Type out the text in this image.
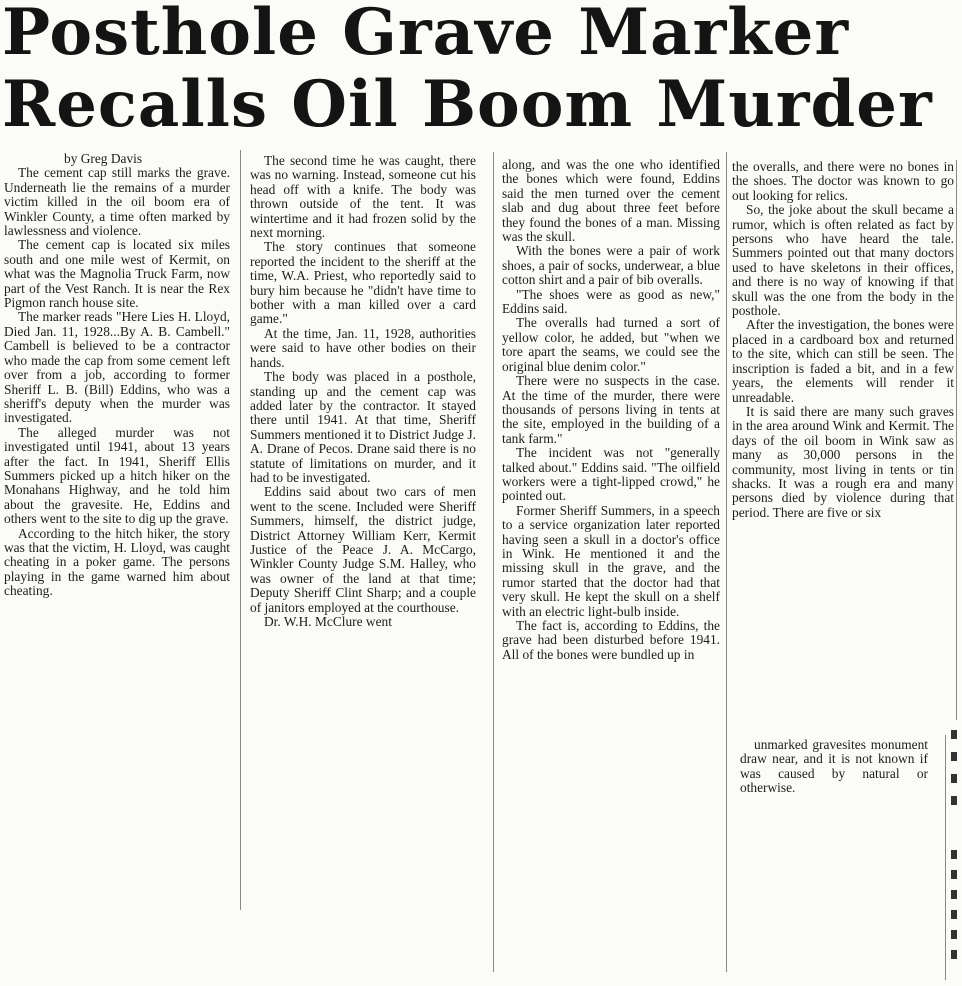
Posthole Grave Marker
Recalls Oil Boom Murder

by Greg Davis

The cement cap still marks the grave. Underneath lie the remains of a murder victim killed in the oil boom era of Winkler County, a time often marked by lawlessness and violence.

The cement cap is located six miles south and one mile west of Kermit, on what was the Magnolia Truck Farm, now part of the Vest Ranch. It is near the Rex Pigmon ranch house site.

The marker reads "Here Lies H. Lloyd, Died Jan. 11, 1928...By A. B. Cambell." Cambell is believed to be a contractor who made the cap from some cement left over from a job, according to former Sheriff L. B. (Bill) Eddins, who was a sheriff's deputy when the murder was investigated.

The alleged murder was not investigated until 1941, about 13 years after the fact. In 1941, Sheriff Ellis Summers picked up a hitch hiker on the Monahans Highway, and he told him about the gravesite. He, Eddins and others went to the site to dig up the grave.

According to the hitch hiker, the story was that the victim, H. Lloyd, was caught cheating in a poker game. The persons playing in the game warned him about cheating.

The second time he was caught, there was no warning. Instead, someone cut his head off with a knife. The body was thrown outside of the tent. It was wintertime and it had frozen solid by the next morning.

The story continues that someone reported the incident to the sheriff at the time, W.A. Priest, who reportedly said to bury him because he "didn't have time to bother with a man killed over a card game."

At the time, Jan. 11, 1928, authorities were said to have other bodies on their hands.

The body was placed in a posthole, standing up and the cement cap was added later by the contractor. It stayed there until 1941. At that time, Sheriff Summers mentioned it to District Judge J. A. Drane of Pecos. Drane said there is no statute of limitations on murder, and it had to be investigated.

Eddins said about two cars of men went to the scene. Included were Sheriff Summers, himself, the district judge, District Attorney William Kerr, Kermit Justice of the Peace J. A. McCargo, Winkler County Judge S.M. Halley, who was owner of the land at that time; Deputy Sheriff Clint Sharp; and a couple of janitors employed at the courthouse.

Dr. W.H. McClure went

along, and was the one who identified the bones which were found, Eddins said the men turned over the cement slab and dug about three feet before they found the bones of a man. Missing was the skull.

With the bones were a pair of work shoes, a pair of socks, underwear, a blue cotton shirt and a pair of bib overalls.

"The shoes were as good as new," Eddins said.

The overalls had turned a sort of yellow color, he added, but "when we tore apart the seams, we could see the original blue denim color."

There were no suspects in the case. At the time of the murder, there were thousands of persons living in tents at the site, employed in the building of a tank farm."

The incident was not "generally talked about." Eddins said. "The oilfield workers were a tight-lipped crowd," he pointed out.

Former Sheriff Summers, in a speech to a service organization later reported having seen a skull in a doctor's office in Wink. He mentioned it and the missing skull in the grave, and the rumor started that the doctor had that very skull. He kept the skull on a shelf with an electric light-bulb inside.

The fact is, according to Eddins, the grave had been disturbed before 1941. All of the bones were bundled up in

the overalls, and there were no bones in the shoes. The doctor was known to go out looking for relics.

So, the joke about the skull became a rumor, which is often related as fact by persons who have heard the tale. Summers pointed out that many doctors used to have skeletons in their offices, and there is no way of knowing if that skull was the one from the body in the posthole.

After the investigation, the bones were placed in a cardboard box and returned to the site, which can still be seen. The inscription is faded a bit, and in a few years, the elements will render it unreadable.

It is said there are many such graves in the area around Wink and Kermit. The days of the oil boom in Wink saw as many as 30,000 persons in the community, most living in tents or tin shacks. It was a rough era and many persons died by violence during that period. There are five or six

unmarked gravesites monument draw near, and it is not known if was caused by natural or otherwise.
